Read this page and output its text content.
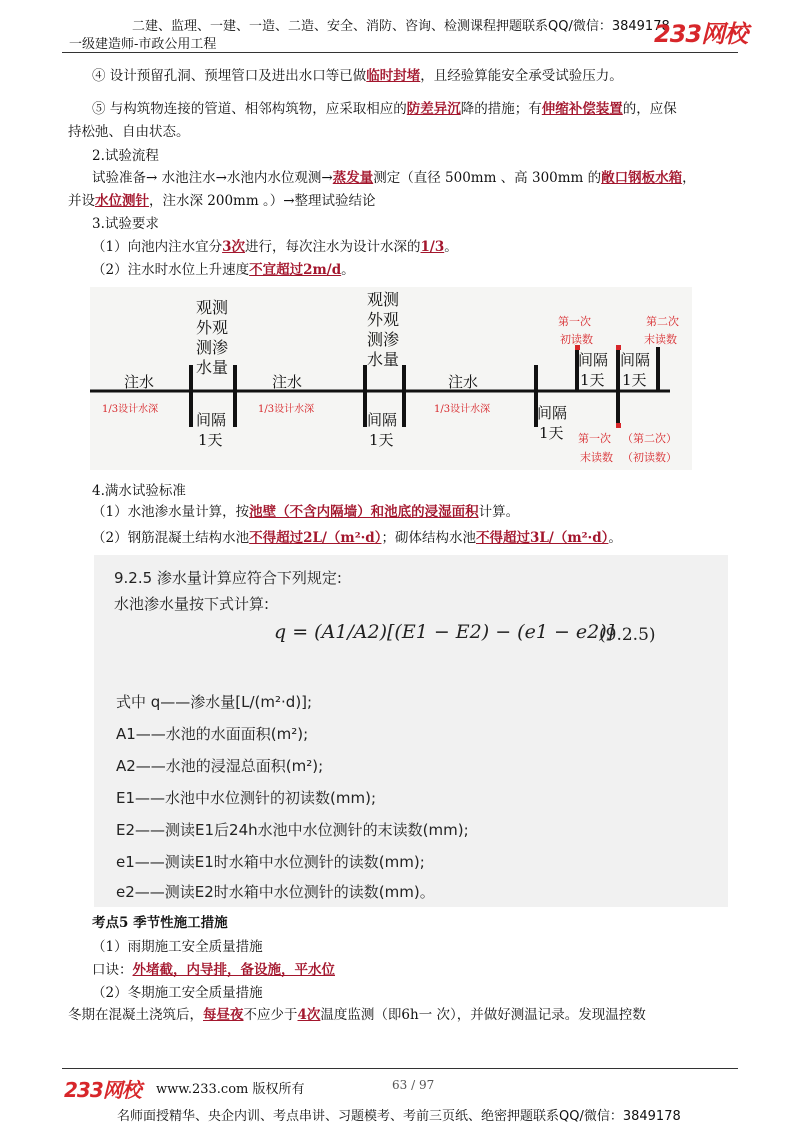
二建、监理、一建、一造、二造、安全、消防、咨询、检测课程押题联系QQ/微信：3849178
一级建造师-市政公用工程	233网校
④ 设计预留孔洞、预埋管口及进出水口等已做临时封堵，且经验算能安全承受试验压力。
⑤ 与构筑物连接的管道、相邻构筑物，应采取相应的防差异沉降的措施；有伸缩补偿装置的，应保
持松弛、自由状态。
2.试验流程
试验准备→ 水池注水→水池内水位观测→蒸发量测定（直径 500mm 、高 300mm 的敞口钢板水箱，
并设水位测针，注水深 200mm 。）→整理试验结论
3.试验要求
（1）向池内注水宜分3次进行，每次注水为设计水深的1/3。
（2）注水时水位上升速度不宜超过2m/d。
注水	注水	注水
1/3设计水深	1/3设计水深	1/3设计水深
观测
外观
测渗
水量
观测
外观
测渗
水量
间隔
1天
间隔
1天
间隔
1天
间隔
1天
间隔
1天
第一次
初读数
第二次
末读数
第一次
末读数
（第二次）
（初读数）
4.满水试验标准
（1）水池渗水量计算，按池壁（不含内隔墙）和池底的浸湿面积计算。
（2）钢筋混凝土结构水池不得超过2L/（m²·d）；砌体结构水池不得超过3L/（m²·d）。
9.2.5 渗水量计算应符合下列规定:
水池渗水量按下式计算:
q = (A1/A2)[(E1 − E2) − (e1 − e2)]
(9.2.5)
式中 q——渗水量[L/(m²·d)];
A1——水池的水面面积(m²);
A2——水池的浸湿总面积(m²);
E1——水池中水位测针的初读数(mm);
E2——测读E1后24h水池中水位测针的末读数(mm);
e1——测读E1时水箱中水位测针的读数(mm);
e2——测读E2时水箱中水位测针的读数(mm)。
考点5 季节性施工措施
（1）雨期施工安全质量措施
口诀：外堵截，内导排，备设施，平水位
（2）冬期施工安全质量措施
冬期在混凝土浇筑后，每昼夜不应少于4次温度监测（即6h一 次），并做好测温记录。发现温控数
233网校 www.233.com 版权所有	63 / 97
名师面授精华、央企内训、考点串讲、习题模考、考前三页纸、绝密押题联系QQ/微信：3849178
